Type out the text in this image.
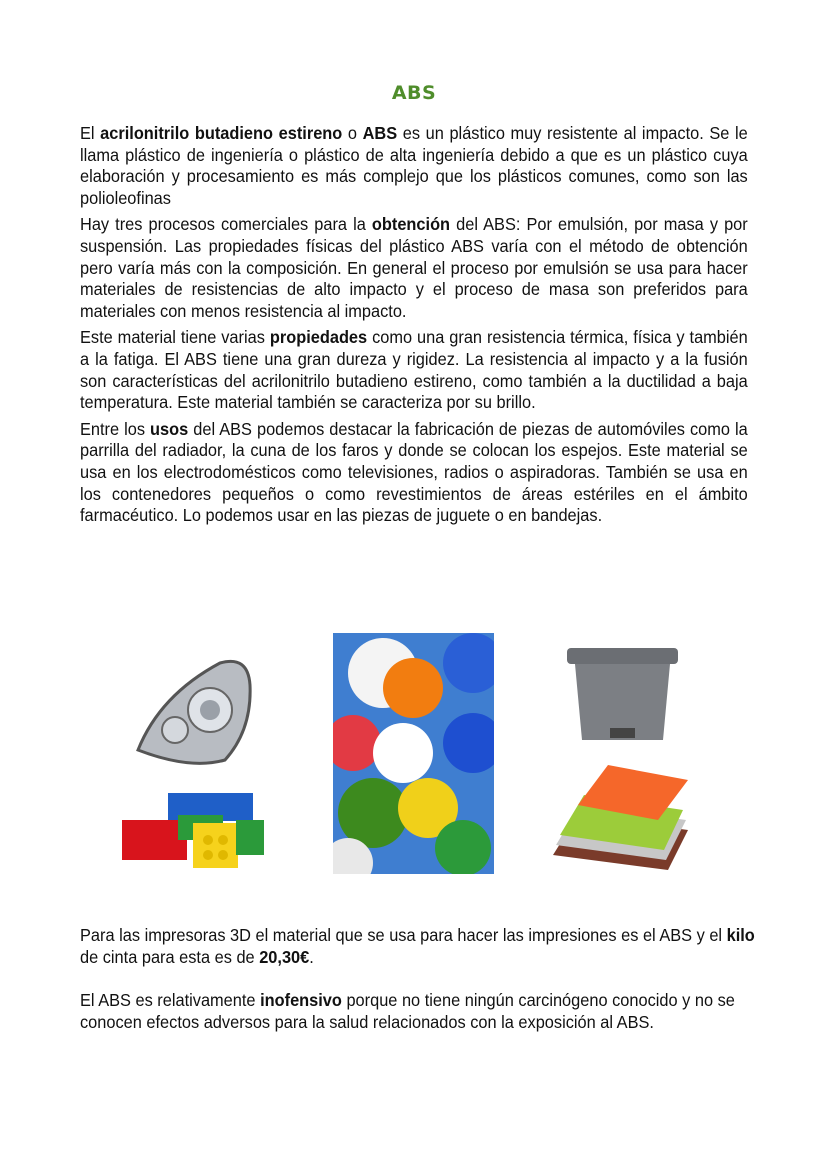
ABS

El acrilonitrilo butadieno estireno o ABS es un plástico muy resistente al impacto. Se le llama plástico de ingeniería o plástico de alta ingeniería debido a que es un plástico cuya elaboración y procesamiento es más complejo que los plásticos comunes, como son las polioleofinas

Hay tres procesos comerciales para la obtención del ABS: Por emulsión, por masa y por suspensión. Las propiedades físicas del plástico ABS varía con el método de obtención pero varía más con la composición. En general el proceso por emulsión se usa para hacer materiales de resistencias de alto impacto y el proceso de masa son preferidos para materiales con menos resistencia al impacto.

Este material tiene varias propiedades como una gran resistencia térmica, física y también a la fatiga. El ABS tiene una gran dureza y rigidez. La resistencia al impacto y a la fusión son características del acrilonitrilo butadieno estireno, como también a la ductilidad a baja temperatura. Este material también se caracteriza por su brillo.

Entre los usos del ABS podemos destacar la fabricación de piezas de automóviles como la parrilla del radiador, la cuna de los faros y donde se colocan los espejos. Este material se usa en los electrodomésticos como televisiones, radios o aspiradoras. También se usa en los contenedores pequeños o como revestimientos de áreas estériles en el ámbito farmacéutico. Lo podemos usar en las piezas de juguete o en bandejas.

Para las impresoras 3D el material que se usa para hacer las impresiones es el ABS y el kilo de cinta para esta es de 20,30€.

El ABS es relativamente inofensivo porque no tiene ningún carcinógeno conocido y no se conocen efectos adversos para la salud relacionados con la exposición al ABS.
